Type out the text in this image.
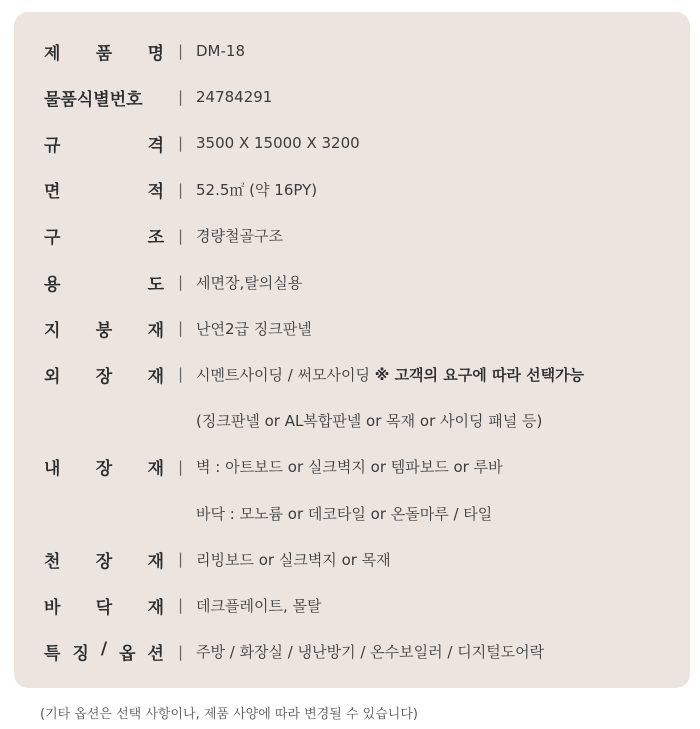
제 품 명 | DM-18
물품식별번호 | 24784291
규	격 | 3500 X 15000 X 3200
면	적 | 52.5㎡ (약 16PY)
구	조 | 경량철골구조
용	도 | 세면장,탈의실용
지 붕 재 | 난연2급 징크판넬
외 장 재 | 시멘트사이딩 / 써모사이딩 ※ 고객의 요구에 따라 선택가능
(징크판넬 or AL복합판넬 or 목재 or 사이딩 패널 등)
내 장 재 | 벽 : 아트보드 or 실크벽지 or 템파보드 or 루바
바닥 : 모노륨 or 데코타일 or 온돌마루 / 타일
천 장 재 | 리빙보드 or 실크벽지 or 목재
바 닥 재 | 데크플레이트, 몰탈
특 징 / 옵 션 | 주방 / 화장실 / 냉난방기 / 온수보일러 / 디지털도어락
(기타 옵션은 선택 사항이나, 제품 사양에 따라 변경될 수 있습니다)
